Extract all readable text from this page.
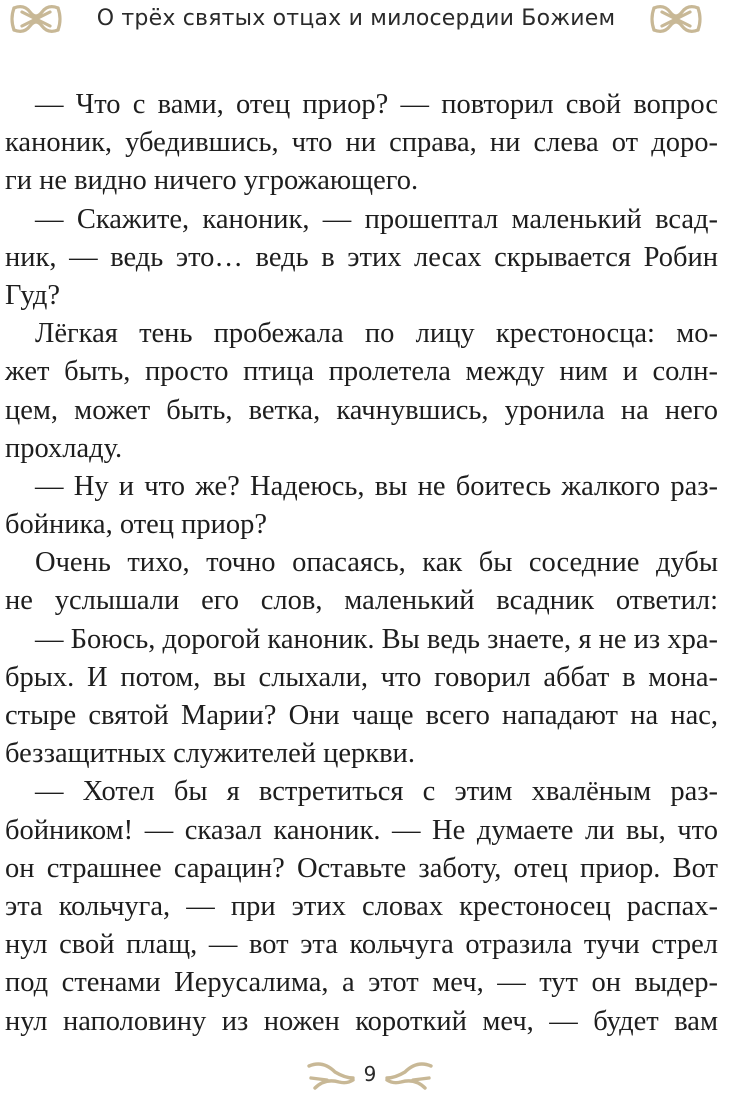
О трёх святых отцах и милосердии Божием
— Что с вами, отец приор? — повторил свой вопрос
каноник, убедившись, что ни справа, ни слева от доро-
ги не видно ничего угрожающего.
— Скажите, каноник, — прошептал маленький всад-
ник, — ведь это… ведь в этих лесах скрывается Робин
Гуд?
Лёгкая тень пробежала по лицу крестоносца: мо-
жет быть, просто птица пролетела между ним и солн-
цем, может быть, ветка, качнувшись, уронила на него
прохладу.
— Ну и что же? Надеюсь, вы не боитесь жалкого раз-
бойника, отец приор?
Очень тихо, точно опасаясь, как бы соседние дубы
не услышали его слов, маленький всадник ответил:
— Боюсь, дорогой каноник. Вы ведь знаете, я не из хра-
брых. И потом, вы слыхали, что говорил аббат в мона-
стыре святой Марии? Они чаще всего нападают на нас,
беззащитных служителей церкви.
— Хотел бы я встретиться с этим хвалёным раз-
бойником! — сказал каноник. — Не думаете ли вы, что
он страшнее сарацин? Оставьте заботу, отец приор. Вот
эта кольчуга, — при этих словах крестоносец распах-
нул свой плащ, — вот эта кольчуга отразила тучи стрел
под стенами Иерусалима, а этот меч, — тут он выдер-
нул наполовину из ножен короткий меч, — будет вам
9
